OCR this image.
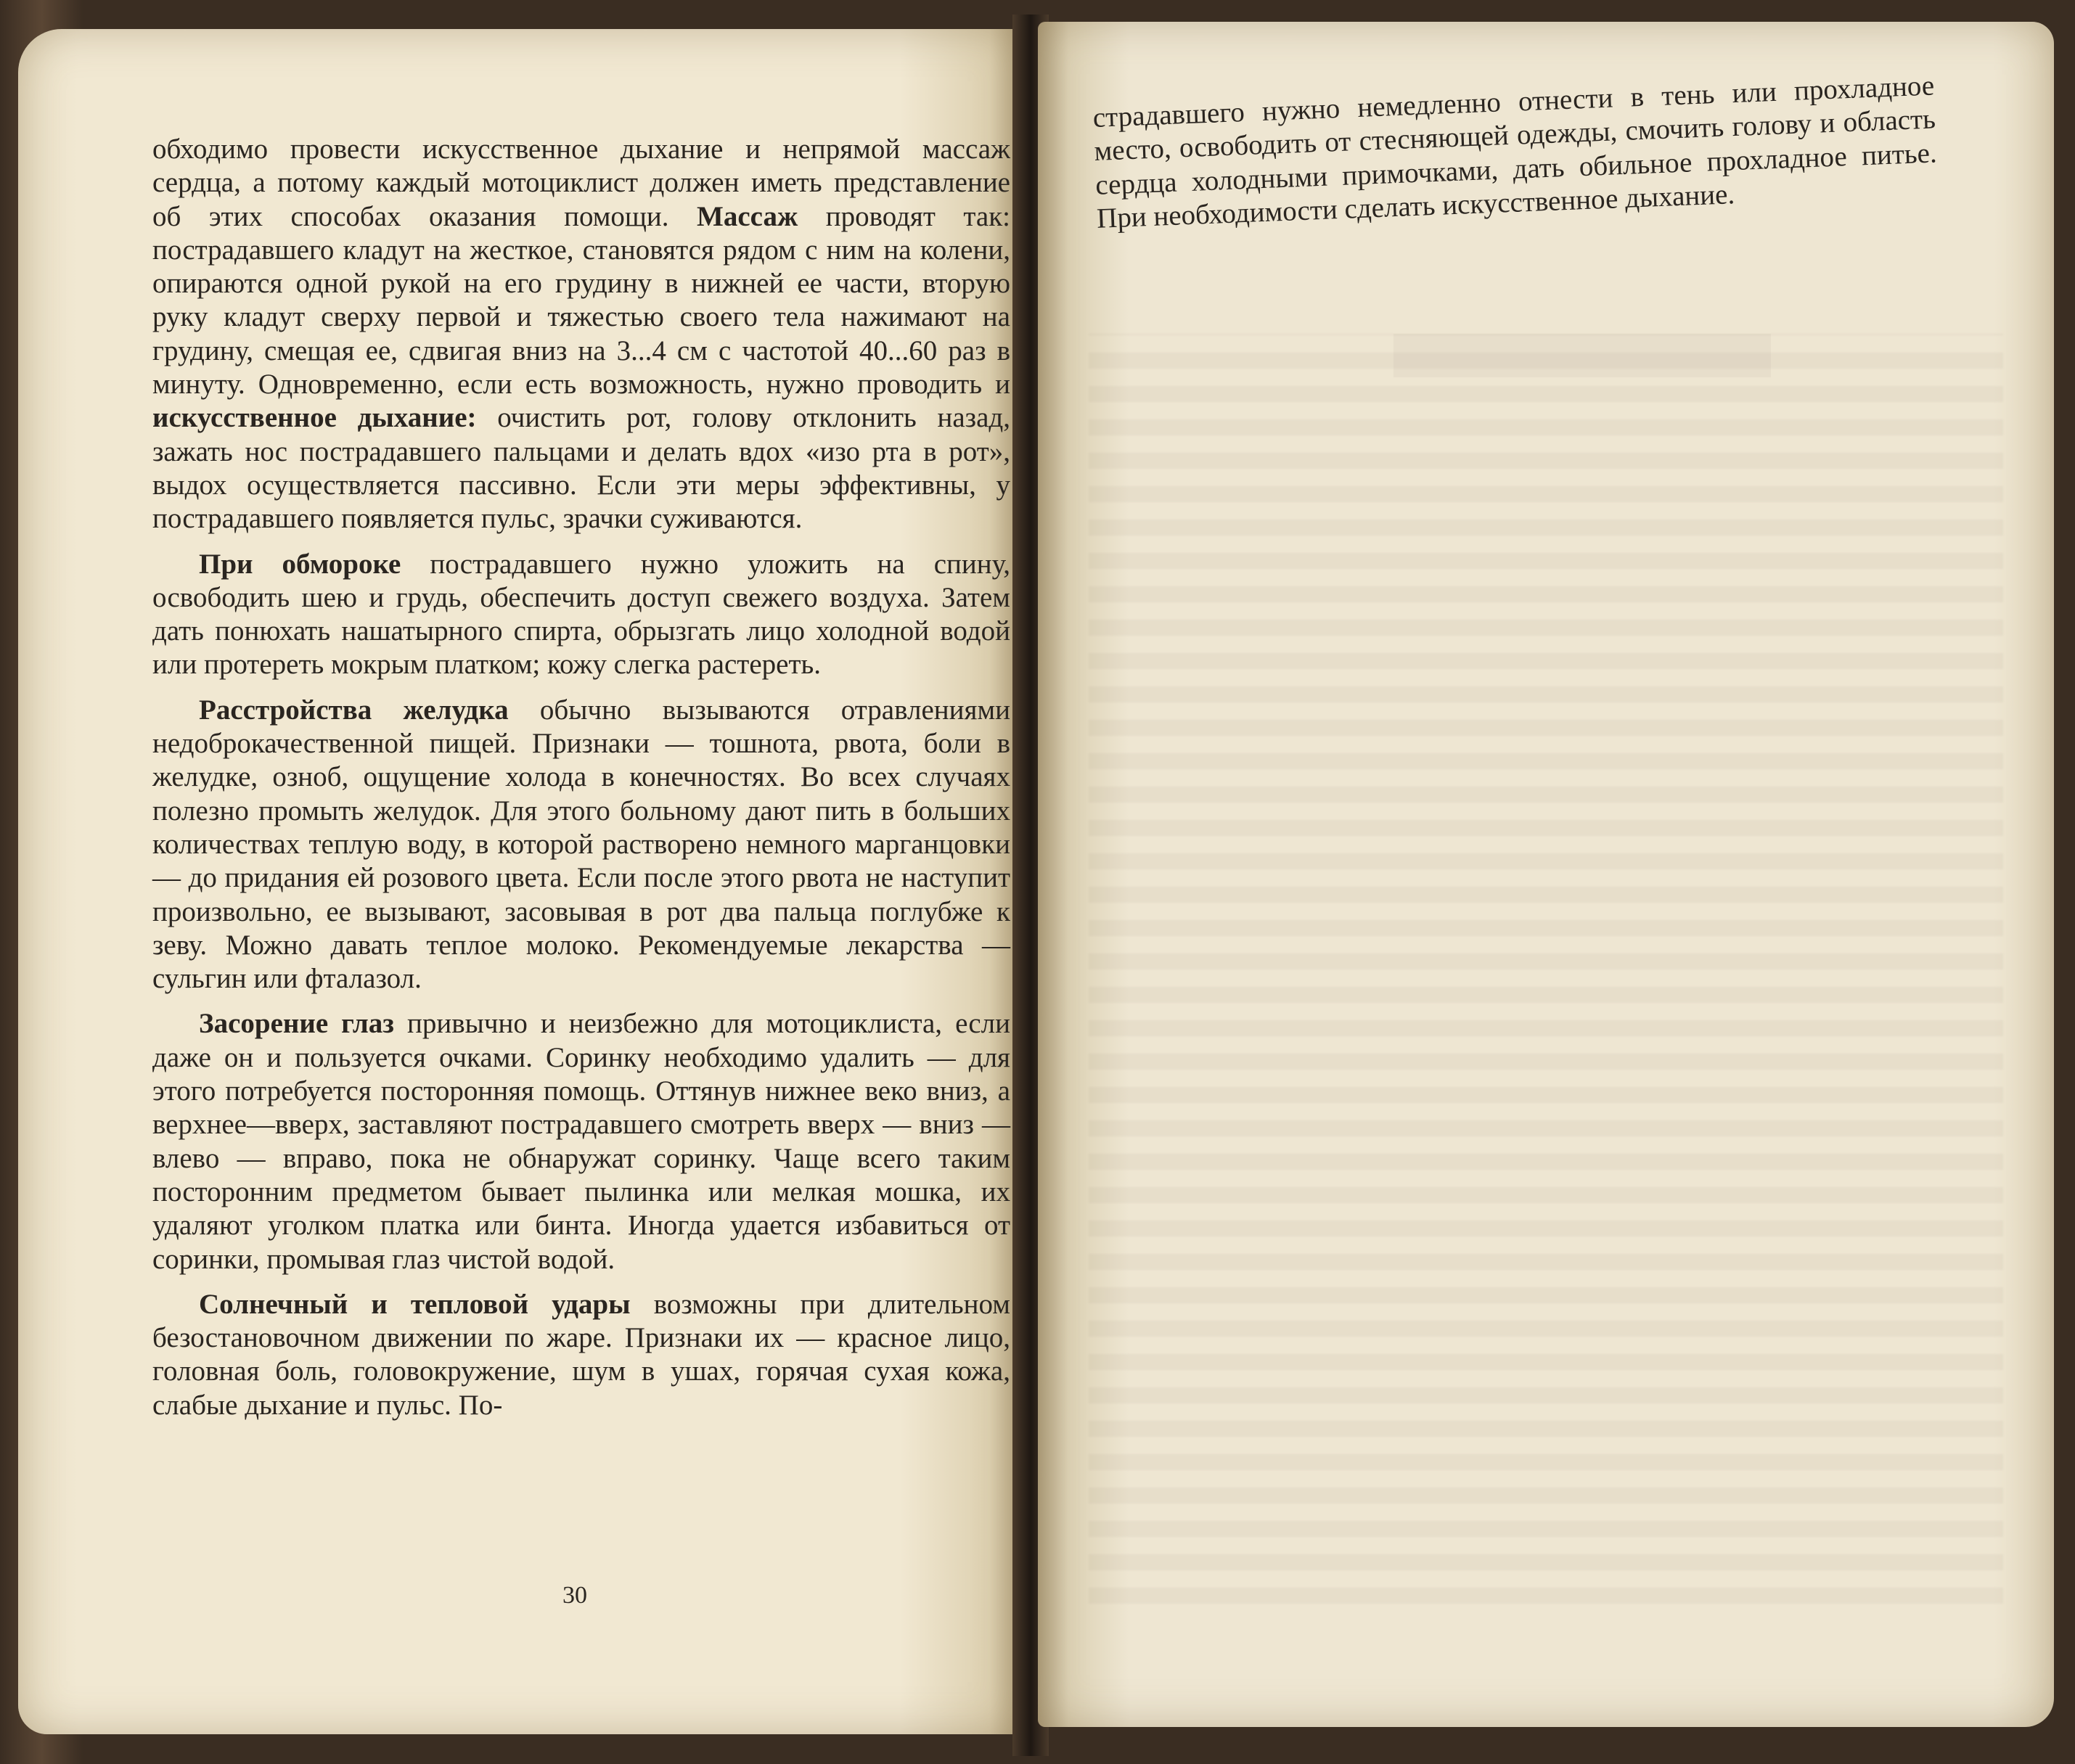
обходимо провести искусственное дыхание и непрямой массаж сердца, а потому каждый мотоциклист должен иметь представление об этих способах оказания помощи. Массаж проводят так: пострадавшего кладут на жесткое, становятся рядом с ним на колени, опираются одной рукой на его грудину в нижней ее части, вторую руку кладут сверху первой и тяжестью своего тела нажимают на грудину, смещая ее, сдвигая вниз на 3...4 см с частотой 40...60 раз в минуту. Одновременно, если есть возможность, нужно проводить и искусственное дыхание: очистить рот, голову отклонить назад, зажать нос пострадавшего пальцами и делать вдох «изо рта в рот», выдох осуществляется пассивно. Если эти меры эффективны, у пострадавшего появляется пульс, зрачки суживаются.

При обмороке пострадавшего нужно уложить на спину, освободить шею и грудь, обеспечить доступ свежего воздуха. Затем дать понюхать нашатырного спирта, обрызгать лицо холодной водой или протереть мокрым платком; кожу слегка растереть.

Расстройства желудка обычно вызываются отравлениями недоброкачественной пищей. Признаки — тошнота, рвота, боли в желудке, озноб, ощущение холода в конечностях. Во всех случаях полезно промыть желудок. Для этого больному дают пить в больших количествах теплую воду, в которой растворено немного марганцовки — до придания ей розового цвета. Если после этого рвота не наступит произвольно, ее вызывают, засовывая в рот два пальца поглубже к зеву. Можно давать теплое молоко. Рекомендуемые лекарства — сульгин или фталазол.

Засорение глаз привычно и неизбежно для мотоциклиста, если даже он и пользуется очками. Соринку необходимо удалить — для этого потребуется посторонняя помощь. Оттянув нижнее веко вниз, а верхнее—вверх, заставляют пострадавшего смотреть вверх — вниз — влево — вправо, пока не обнаружат соринку. Чаще всего таким посторонним предметом бывает пылинка или мелкая мошка, их удаляют уголком платка или бинта. Иногда удается избавиться от соринки, промывая глаз чистой водой.

Солнечный и тепловой удары возможны при длительном безостановочном движении по жаре. Признаки их — красное лицо, головная боль, головокружение, шум в ушах, горячая сухая кожа, слабые дыхание и пульс. По-

30

страдавшего нужно немедленно отнести в тень или прохладное место, освободить от стесняющей одежды, смочить голову и область сердца холодными примочками, дать обильное прохладное питье. При необходимости сделать искусственное дыхание.
